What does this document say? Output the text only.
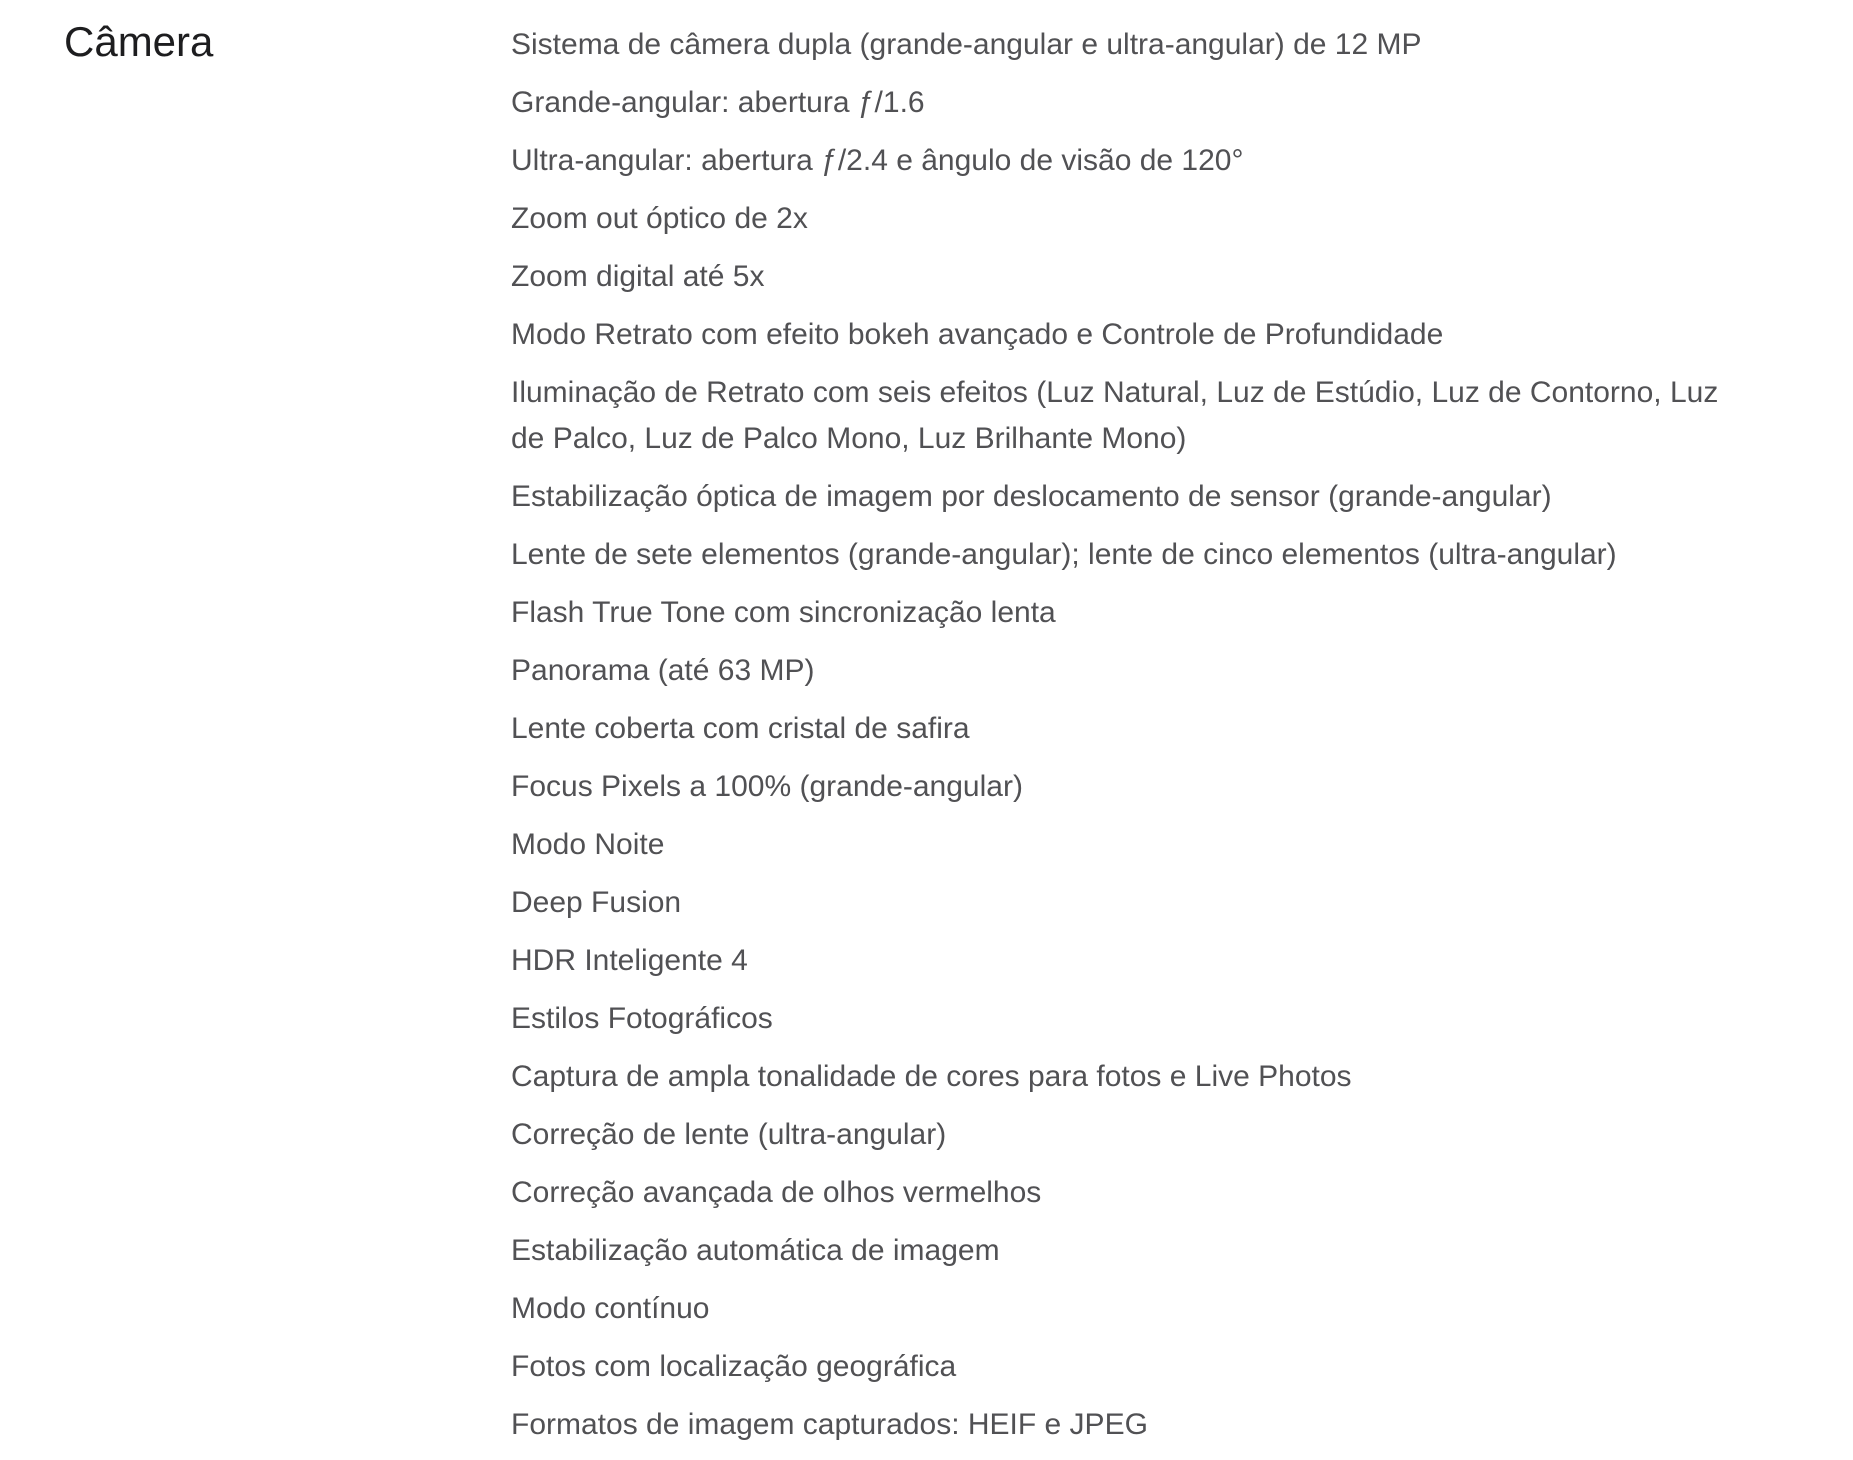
Câmera	Sistema de câmera dupla (grande-angular e ultra-angular) de 12 MP
Grande-angular: abertura ƒ/1.6
Ultra-angular: abertura ƒ/2.4 e ângulo de visão de 120°
Zoom out óptico de 2x
Zoom digital até 5x
Modo Retrato com efeito bokeh avançado e Controle de Profundidade
Iluminação de Retrato com seis efeitos (Luz Natural, Luz de Estúdio, Luz de Contorno, Luz de Palco, Luz de Palco Mono, Luz Brilhante Mono)
Estabilização óptica de imagem por deslocamento de sensor (grande-angular)
Lente de sete elementos (grande-angular); lente de cinco elementos (ultra-angular)
Flash True Tone com sincronização lenta
Panorama (até 63 MP)
Lente coberta com cristal de safira
Focus Pixels a 100% (grande-angular)
Modo Noite
Deep Fusion
HDR Inteligente 4
Estilos Fotográficos
Captura de ampla tonalidade de cores para fotos e Live Photos
Correção de lente (ultra-angular)
Correção avançada de olhos vermelhos
Estabilização automática de imagem
Modo contínuo
Fotos com localização geográfica
Formatos de imagem capturados: HEIF e JPEG
